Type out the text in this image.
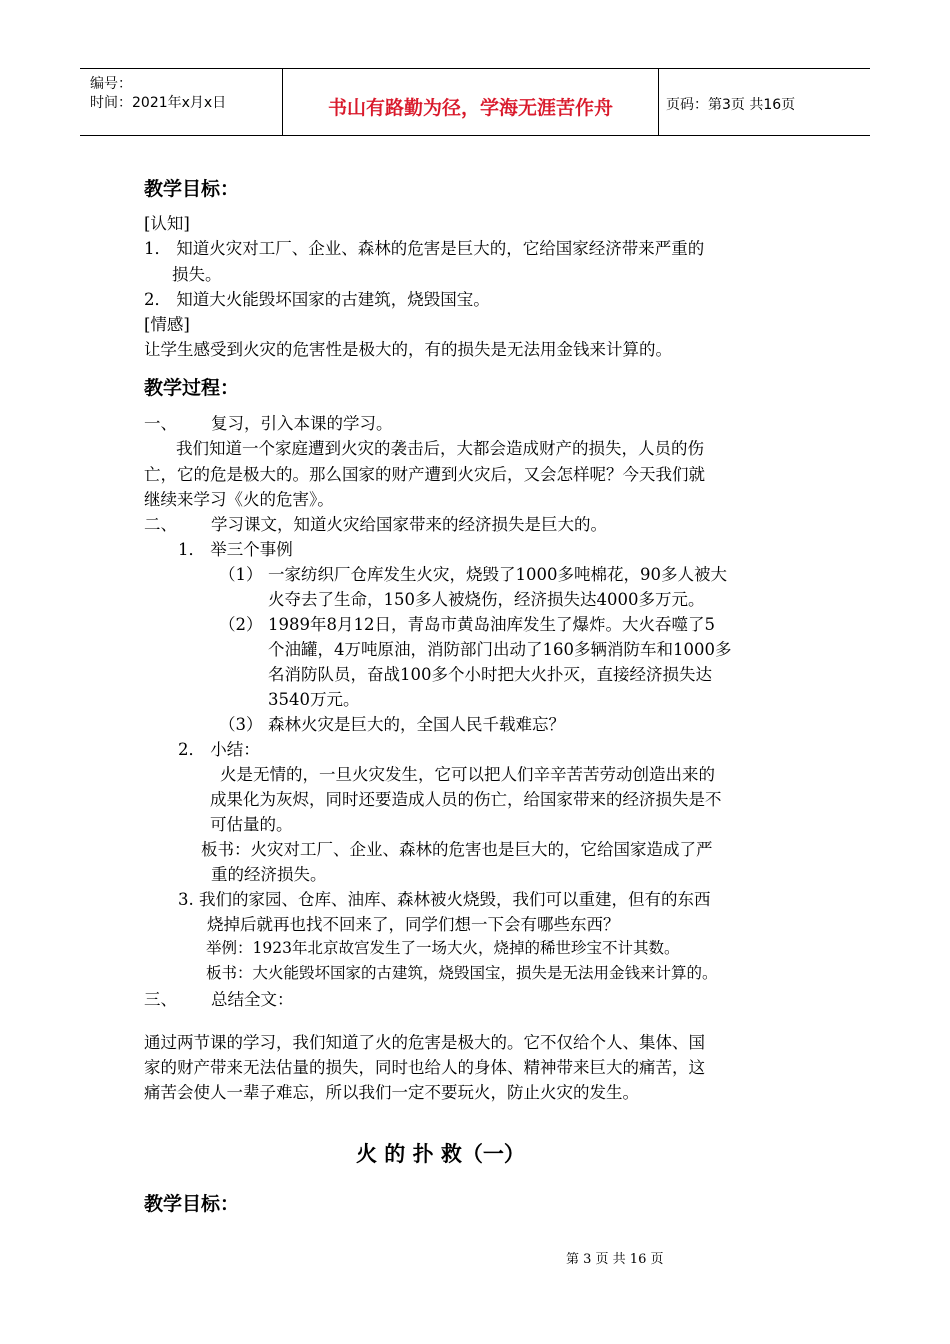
编号：
时间：2021年x月x日	书山有路勤为径，学海无涯苦作舟	页码：第3页 共16页
教学目标：
[认知]
1． 知道火灾对工厂、企业、森林的危害是巨大的，它给国家经济带来严重的
损失。
2． 知道大火能毁坏国家的古建筑，烧毁国宝。
[情感]
让学生感受到火灾的危害性是极大的，有的损失是无法用金钱来计算的。
教学过程：
一、 复习，引入本课的学习。
我们知道一个家庭遭到火灾的袭击后，大都会造成财产的损失，人员的伤
亡，它的危是极大的。那么国家的财产遭到火灾后，又会怎样呢？今天我们就
继续来学习《火的危害》。
二、 学习课文，知道火灾给国家带来的经济损失是巨大的。
1． 举三个事例
（1） 一家纺织厂仓库发生火灾，烧毁了1000多吨棉花，90多人被大
火夺去了生命，150多人被烧伤，经济损失达4000多万元。
（2） 1989年8月12日，青岛市黄岛油库发生了爆炸。大火吞噬了5
个油罐，4万吨原油，消防部门出动了160多辆消防车和1000多
名消防队员，奋战100多个小时把大火扑灭，直接经济损失达
3540万元。
（3） 森林火灾是巨大的，全国人民千载难忘？
2． 小结：
火是无情的，一旦火灾发生，它可以把人们辛辛苦苦劳动创造出来的
成果化为灰烬，同时还要造成人员的伤亡，给国家带来的经济损失是不
可估量的。
板书：火灾对工厂、企业、森林的危害也是巨大的，它给国家造成了严
重的经济损失。
3. 我们的家园、仓库、油库、森林被火烧毁，我们可以重建，但有的东西
烧掉后就再也找不回来了，同学们想一下会有哪些东西？
举例：1923年北京故宫发生了一场大火，烧掉的稀世珍宝不计其数。
板书：大火能毁坏国家的古建筑，烧毁国宝，损失是无法用金钱来计算的。
三、 总结全文：
通过两节课的学习，我们知道了火的危害是极大的。它不仅给个人、集体、国
家的财产带来无法估量的损失，同时也给人的身体、精神带来巨大的痛苦，这
痛苦会使人一辈子难忘，所以我们一定不要玩火，防止火灾的发生。
火 的 扑 救（一）
教学目标：
第 3 页 共 16 页
